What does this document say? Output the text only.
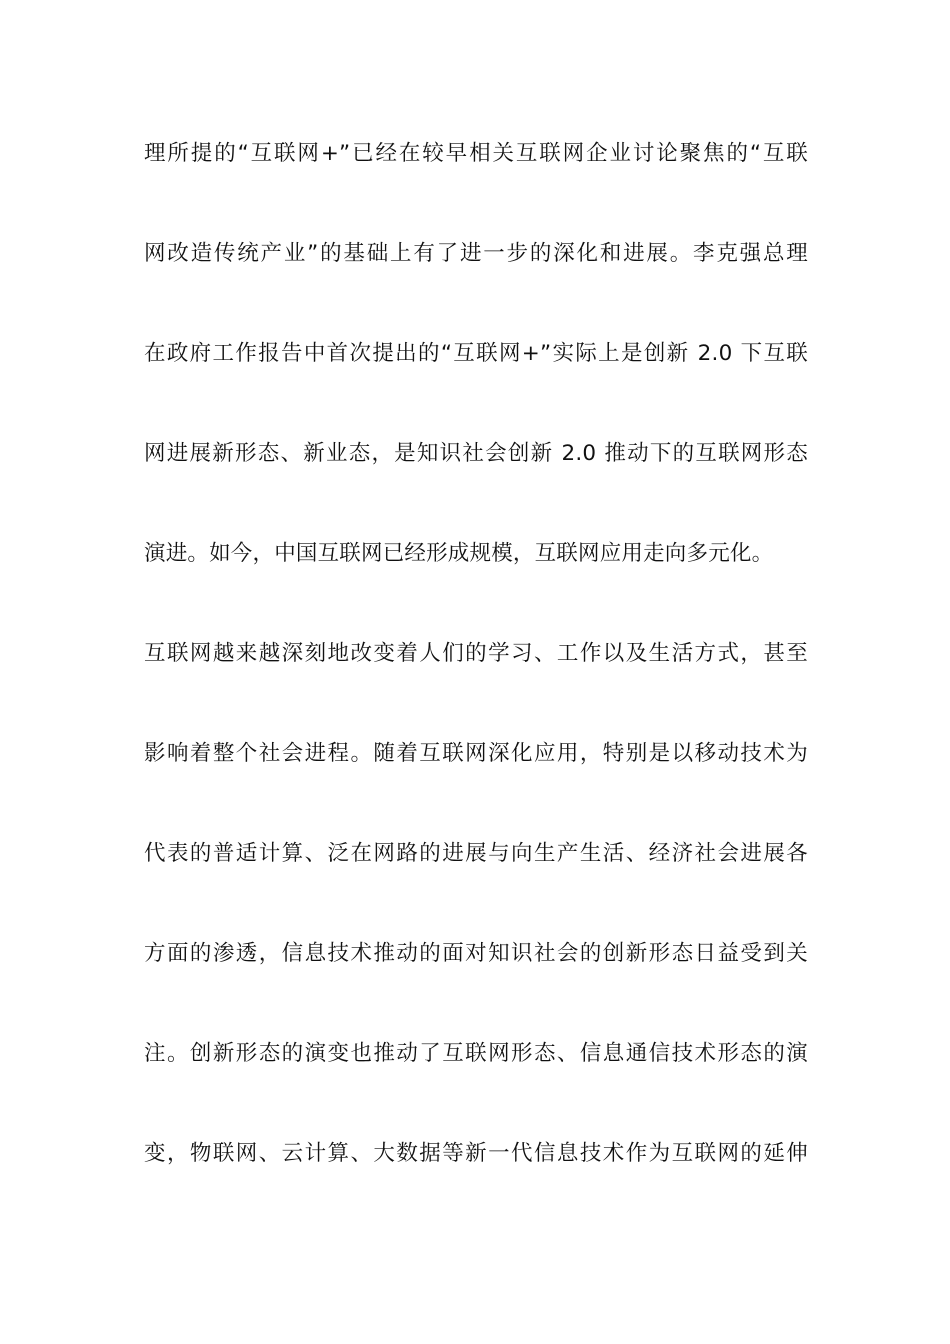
理所提的“互联网+”已经在较早相关互联网企业讨论聚焦的“互联
网改造传统产业”的基础上有了进一步的深化和进展。李克强总理
在政府工作报告中首次提出的“互联网+”实际上是创新 2.0 下互联
网进展新形态、新业态，是知识社会创新 2.0 推动下的互联网形态
演进。如今，中国互联网已经形成规模，互联网应用走向多元化。
互联网越来越深刻地改变着人们的学习、工作以及生活方式，甚至
影响着整个社会进程。随着互联网深化应用，特别是以移动技术为
代表的普适计算、泛在网路的进展与向生产生活、经济社会进展各
方面的渗透，信息技术推动的面对知识社会的创新形态日益受到关
注。创新形态的演变也推动了互联网形态、信息通信技术形态的演
变，物联网、云计算、大数据等新一代信息技术作为互联网的延伸
